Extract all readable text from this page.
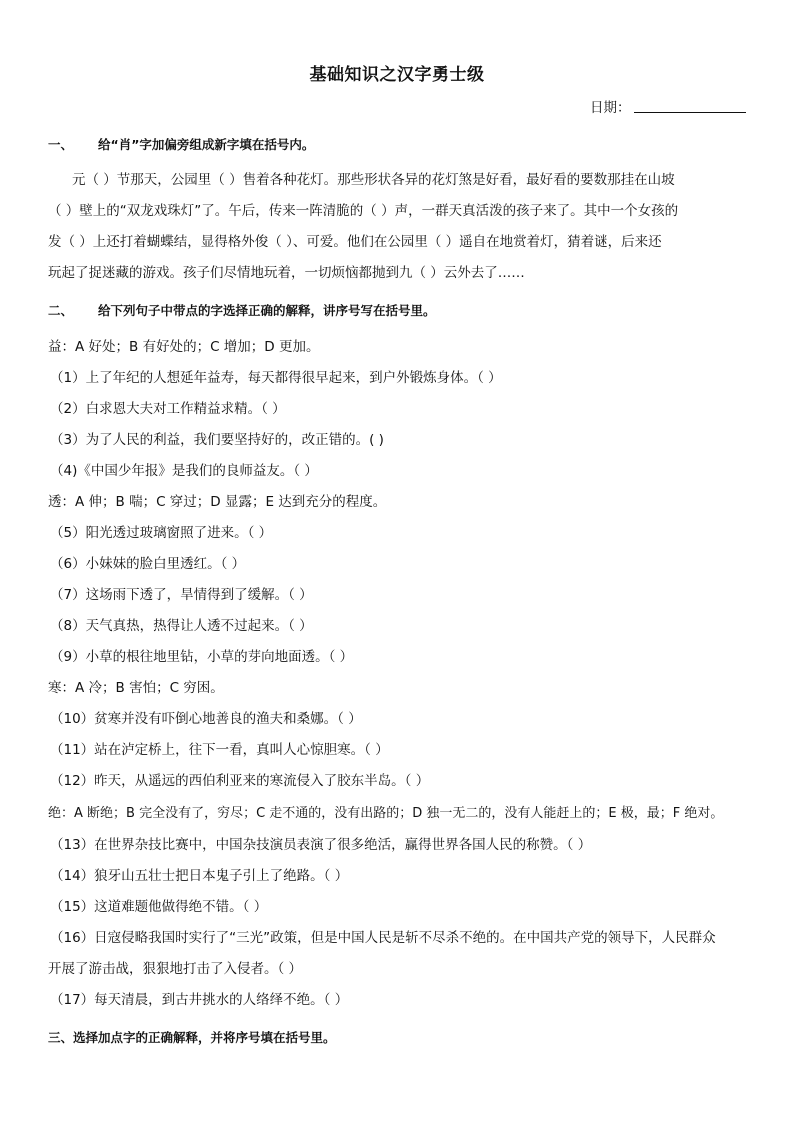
基础知识之汉字勇士级
日期：
一、 给“肖”字加偏旁组成新字填在括号内。
元（ ）节那天，公园里（ ）售着各种花灯。那些形状各异的花灯煞是好看，最好看的要数那挂在山坡
（ ）壁上的“双龙戏珠灯”了。午后，传来一阵清脆的（ ）声，一群天真活泼的孩子来了。其中一个女孩的
发（ ）上还打着蝴蝶结，显得格外俊（ ）、可爱。他们在公园里（ ）遥自在地赏着灯，猜着谜，后来还
玩起了捉迷藏的游戏。孩子们尽情地玩着，一切烦恼都抛到九（ ）云外去了……
二、 给下列句子中带点的字选择正确的解释，讲序号写在括号里。
益：A 好处；B 有好处的；C 增加；D 更加。
（1）上了年纪的人想延年益寿，每天都得很早起来，到户外锻炼身体。（ ）
（2）白求恩大夫对工作精益求精。（ ）
（3）为了人民的利益，我们要坚持好的，改正错的。( )
（4)《中国少年报》是我们的良师益友。（ ）
透：A 伸；B 喘；C 穿过；D 显露；E 达到充分的程度。
（5）阳光透过玻璃窗照了进来。（ ）
（6）小妹妹的脸白里透红。（ ）
（7）这场雨下透了，旱情得到了缓解。（ ）
（8）天气真热，热得让人透不过起来。（ ）
（9）小草的根往地里钻，小草的芽向地面透。（ ）
寒：A 冷；B 害怕；C 穷困。
（10）贫寒并没有吓倒心地善良的渔夫和桑娜。（ ）
（11）站在泸定桥上，往下一看，真叫人心惊胆寒。（ ）
（12）昨天，从遥远的西伯利亚来的寒流侵入了胶东半岛。（ ）
绝：A 断绝；B 完全没有了，穷尽；C 走不通的，没有出路的；D 独一无二的，没有人能赶上的；E 极，最；F 绝对。
（13）在世界杂技比赛中，中国杂技演员表演了很多绝活，赢得世界各国人民的称赞。（ ）
（14）狼牙山五壮士把日本鬼子引上了绝路。（ ）
（15）这道难题他做得绝不错。（ ）
（16）日寇侵略我国时实行了“三光”政策，但是中国人民是斩不尽杀不绝的。在中国共产党的领导下，人民群众
开展了游击战，狠狠地打击了入侵者。（ ）
（17）每天清晨，到古井挑水的人络绎不绝。（ ）
三、选择加点字的正确解释，并将序号填在括号里。
